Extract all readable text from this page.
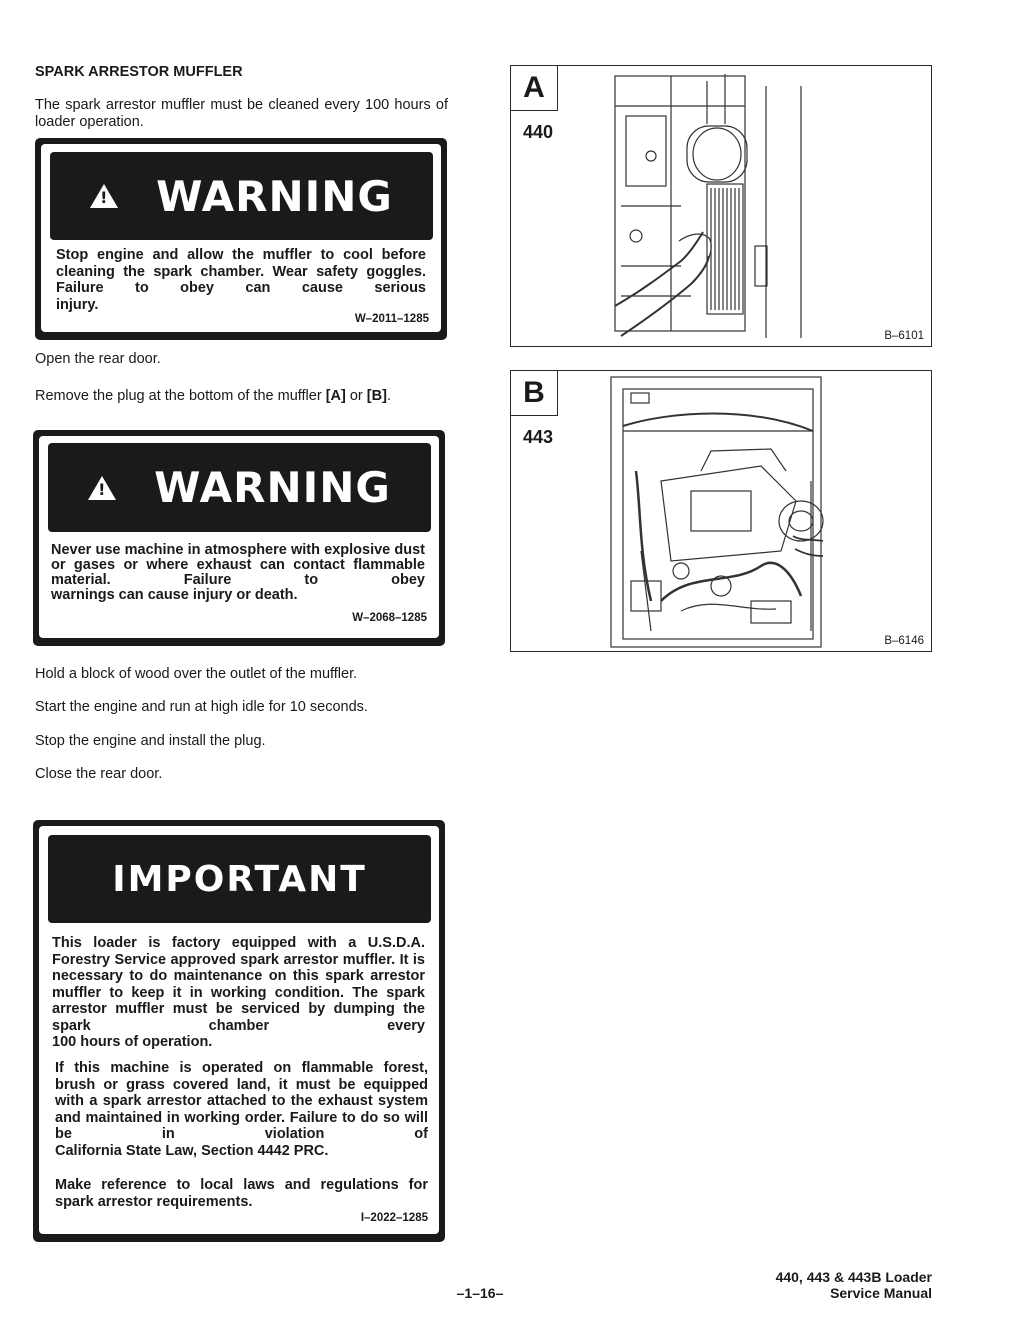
SPARK ARRESTOR MUFFLER
The spark arrestor muffler must be cleaned every 100 hours of loader operation.
!
WARNING
Stop engine and allow the muffler to cool before cleaning the spark chamber. Wear safety goggles. Failure to obey can cause serious
injury.
W–2011–1285
Open the rear door.
Remove the plug at the bottom of the muffler [A] or [B].
!
WARNING
Never use machine in atmosphere with explosive dust or gases or where exhaust can contact flammable material. Failure to obey
warnings can cause injury or death.
W–2068–1285
Hold a block of wood over the outlet of the muffler.
Start the engine and run at high idle for 10 seconds.
Stop the engine and install the plug.
Close the rear door.
IMPORTANT
This loader is factory equipped with a U.S.D.A. Forestry Service approved spark arrestor muffler. It is necessary to do maintenance on this spark arrestor muffler to keep it in working condition. The spark arrestor muffler must be serviced by dumping the spark chamber every
100 hours of operation.
If this machine is operated on flammable forest, brush or grass covered land, it must be equipped with a spark arrestor attached to the exhaust system and maintained in working order. Failure to do so will be in violation of
California State Law, Section 4442 PRC.
Make reference to local laws and regulations for
spark arrestor requirements.
I–2022–1285
A
440
B–6101
B
443
B–6146
–1–16–
440, 443 & 443B Loader
Service Manual
